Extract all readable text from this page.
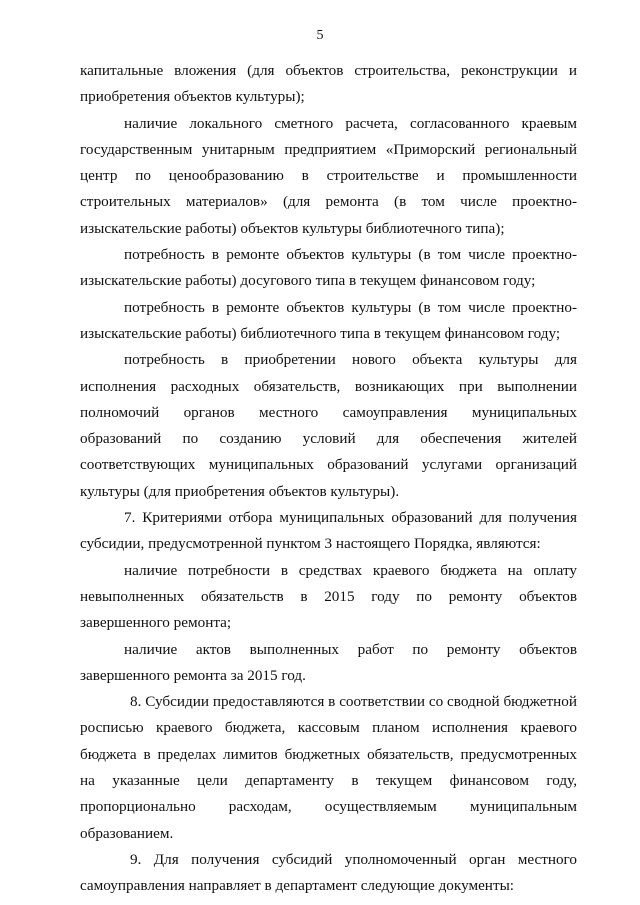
5

капитальные вложения (для объектов строительства, реконструкции и приобретения объектов культуры);

наличие локального сметного расчета, согласованного краевым государственным унитарным предприятием «Приморский региональный центр по ценообразованию в строительстве и промышленности строительных материалов» (для ремонта (в том числе проектно-изыскательские работы) объектов культуры библиотечного типа);

потребность в ремонте объектов культуры (в том числе проектно-изыскательские работы) досугового типа в текущем финансовом году;

потребность в ремонте объектов культуры (в том числе проектно-изыскательские работы) библиотечного типа в текущем финансовом году;

потребность в приобретении нового объекта культуры для исполнения расходных обязательств, возникающих при выполнении полномочий органов местного самоуправления муниципальных образований по созданию условий для обеспечения жителей соответствующих муниципальных образований услугами организаций культуры (для приобретения объектов культуры).

7. Критериями отбора муниципальных образований для получения субсидии, предусмотренной пунктом 3 настоящего Порядка, являются:

наличие потребности в средствах краевого бюджета на оплату невыполненных обязательств в 2015 году по ремонту объектов завершенного ремонта;

наличие актов выполненных работ по ремонту объектов завершенного ремонта за 2015 год.

8. Субсидии предоставляются в соответствии со сводной бюджетной росписью краевого бюджета, кассовым планом исполнения краевого бюджета в пределах лимитов бюджетных обязательств, предусмотренных на указанные цели департаменту в текущем финансовом году, пропорционально расходам, осуществляемым муниципальным образованием.

9. Для получения субсидий уполномоченный орган местного самоуправления направляет в департамент следующие документы:
